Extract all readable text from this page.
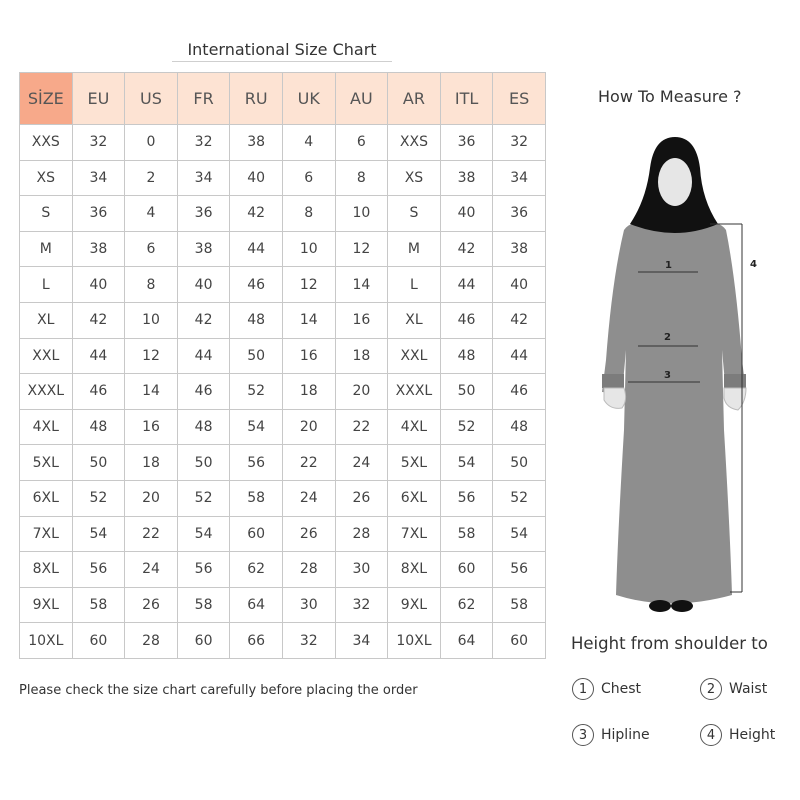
International Size Chart
SİZE	EU	US	FR	RU	UK	AU	AR	ITL	ES
XXS	32	0	32	38	4	6	XXS	36	32
XS	34	2	34	40	6	8	XS	38	34
S	36	4	36	42	8	10	S	40	36
M	38	6	38	44	10	12	M	42	38
L	40	8	40	46	12	14	L	44	40
XL	42	10	42	48	14	16	XL	46	42
XXL	44	12	44	50	16	18	XXL	48	44
XXXL	46	14	46	52	18	20	XXXL	50	46
4XL	48	16	48	54	20	22	4XL	52	48
5XL	50	18	50	56	22	24	5XL	54	50
6XL	52	20	52	58	24	26	6XL	56	52
7XL	54	22	54	60	26	28	7XL	58	54
8XL	56	24	56	62	28	30	8XL	60	56
9XL	58	26	58	64	30	32	9XL	62	58
10XL	60	28	60	66	32	34	10XL	64	60
Please check the size chart carefully before placing the order
How To Measure ?
1
2
3
4
Height from shoulder to
1 Chest	2 Waist
3 Hipline	4 Height
